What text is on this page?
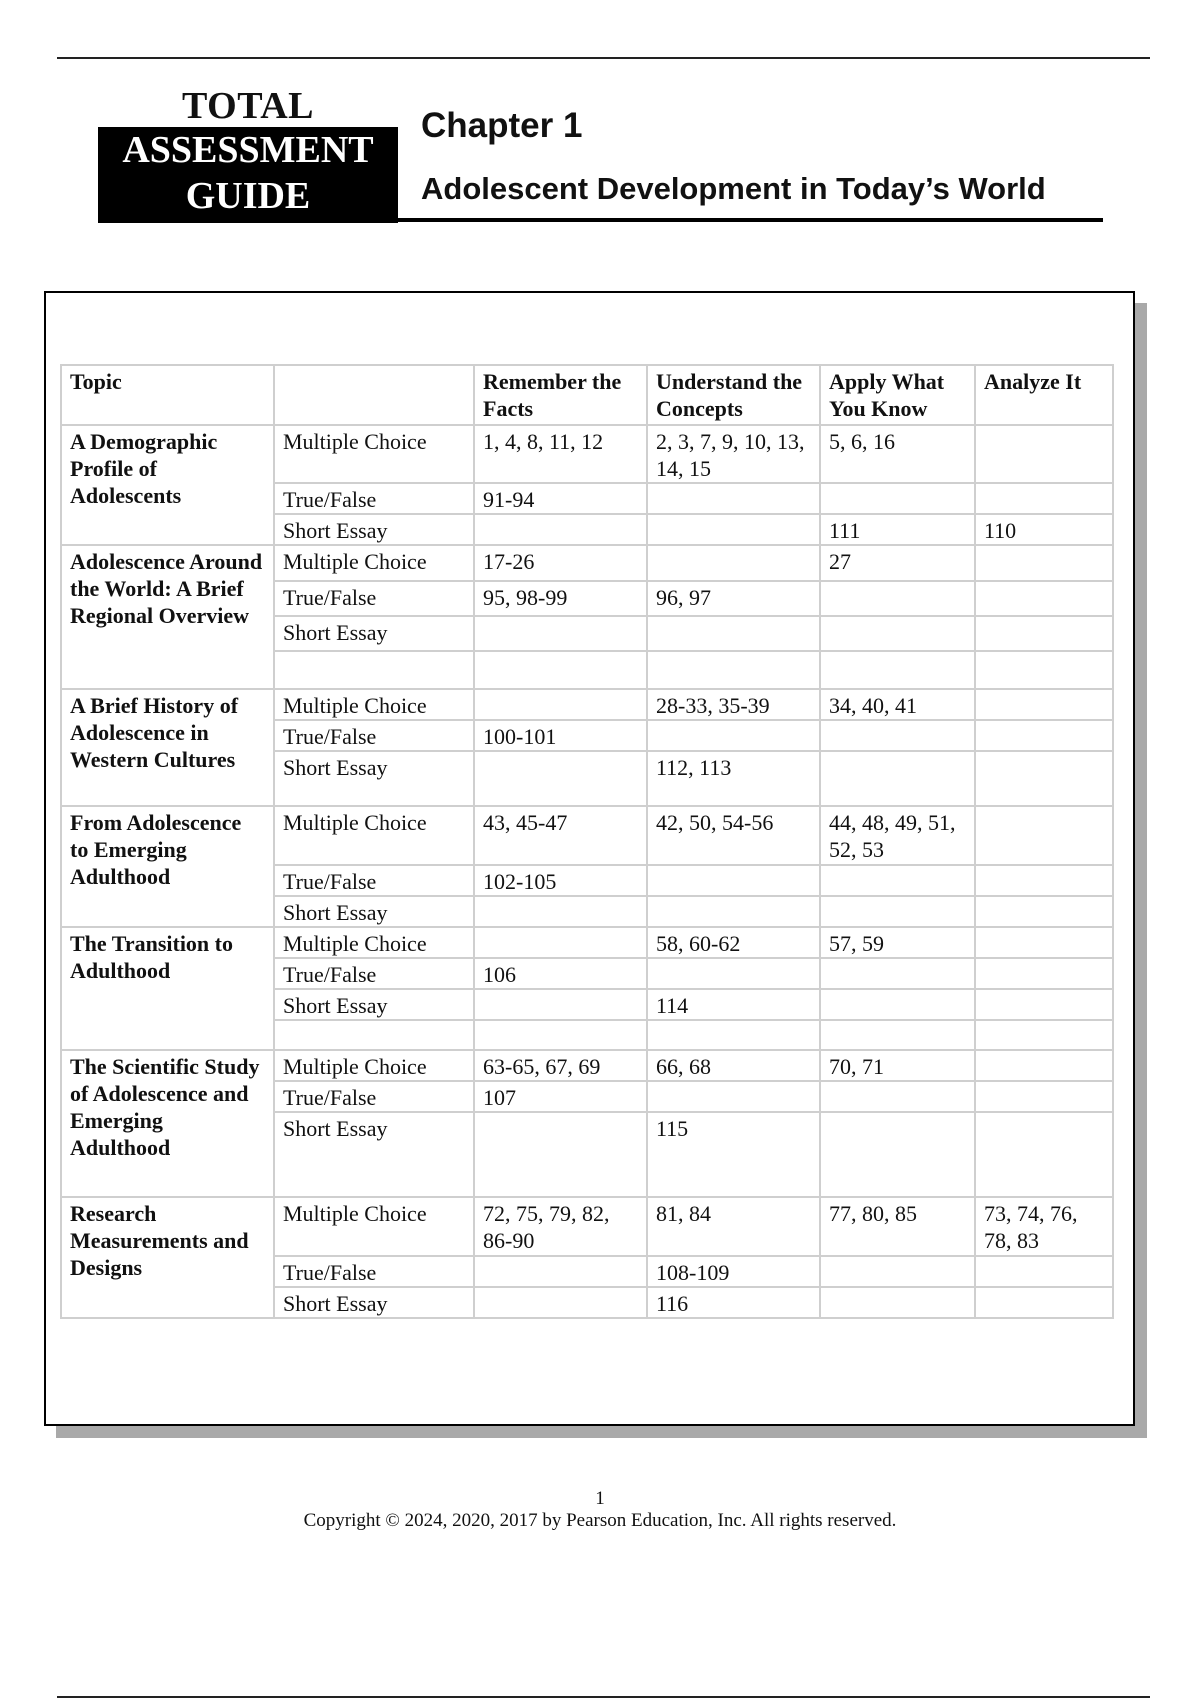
TOTAL
ASSESSMENT
GUIDE
Chapter 1
Adolescent Development in Today’s World
Topic		Remember the Facts	Understand the Concepts	Apply What You Know	Analyze It
A Demographic Profile of Adolescents	Multiple Choice	1, 4, 8, 11, 12	2, 3, 7, 9, 10, 13, 14, 15	5, 6, 16	
	True/False	91-94			
	Short Essay			111	110
Adolescence Around the World: A Brief Regional Overview	Multiple Choice	17-26		27	
	True/False	95, 98-99	96, 97		
	Short Essay				

A Brief History of Adolescence in Western Cultures	Multiple Choice		28-33, 35-39	34, 40, 41	
	True/False	100-101			
	Short Essay		112, 113		
From Adolescence to Emerging Adulthood	Multiple Choice	43, 45-47	42, 50, 54-56	44, 48, 49, 51, 52, 53	
	True/False	102-105			
	Short Essay				
The Transition to Adulthood	Multiple Choice		58, 60-62	57, 59	
	True/False	106			
	Short Essay		114		

The Scientific Study of Adolescence and Emerging Adulthood	Multiple Choice	63-65, 67, 69	66, 68	70, 71	
	True/False	107			
	Short Essay		115		
Research Measurements and Designs	Multiple Choice	72, 75, 79, 82, 86-90	81, 84	77, 80, 85	73, 74, 76, 78, 83
	True/False		108-109		
	Short Essay		116		
1
Copyright © 2024, 2020, 2017 by Pearson Education, Inc. All rights reserved.
